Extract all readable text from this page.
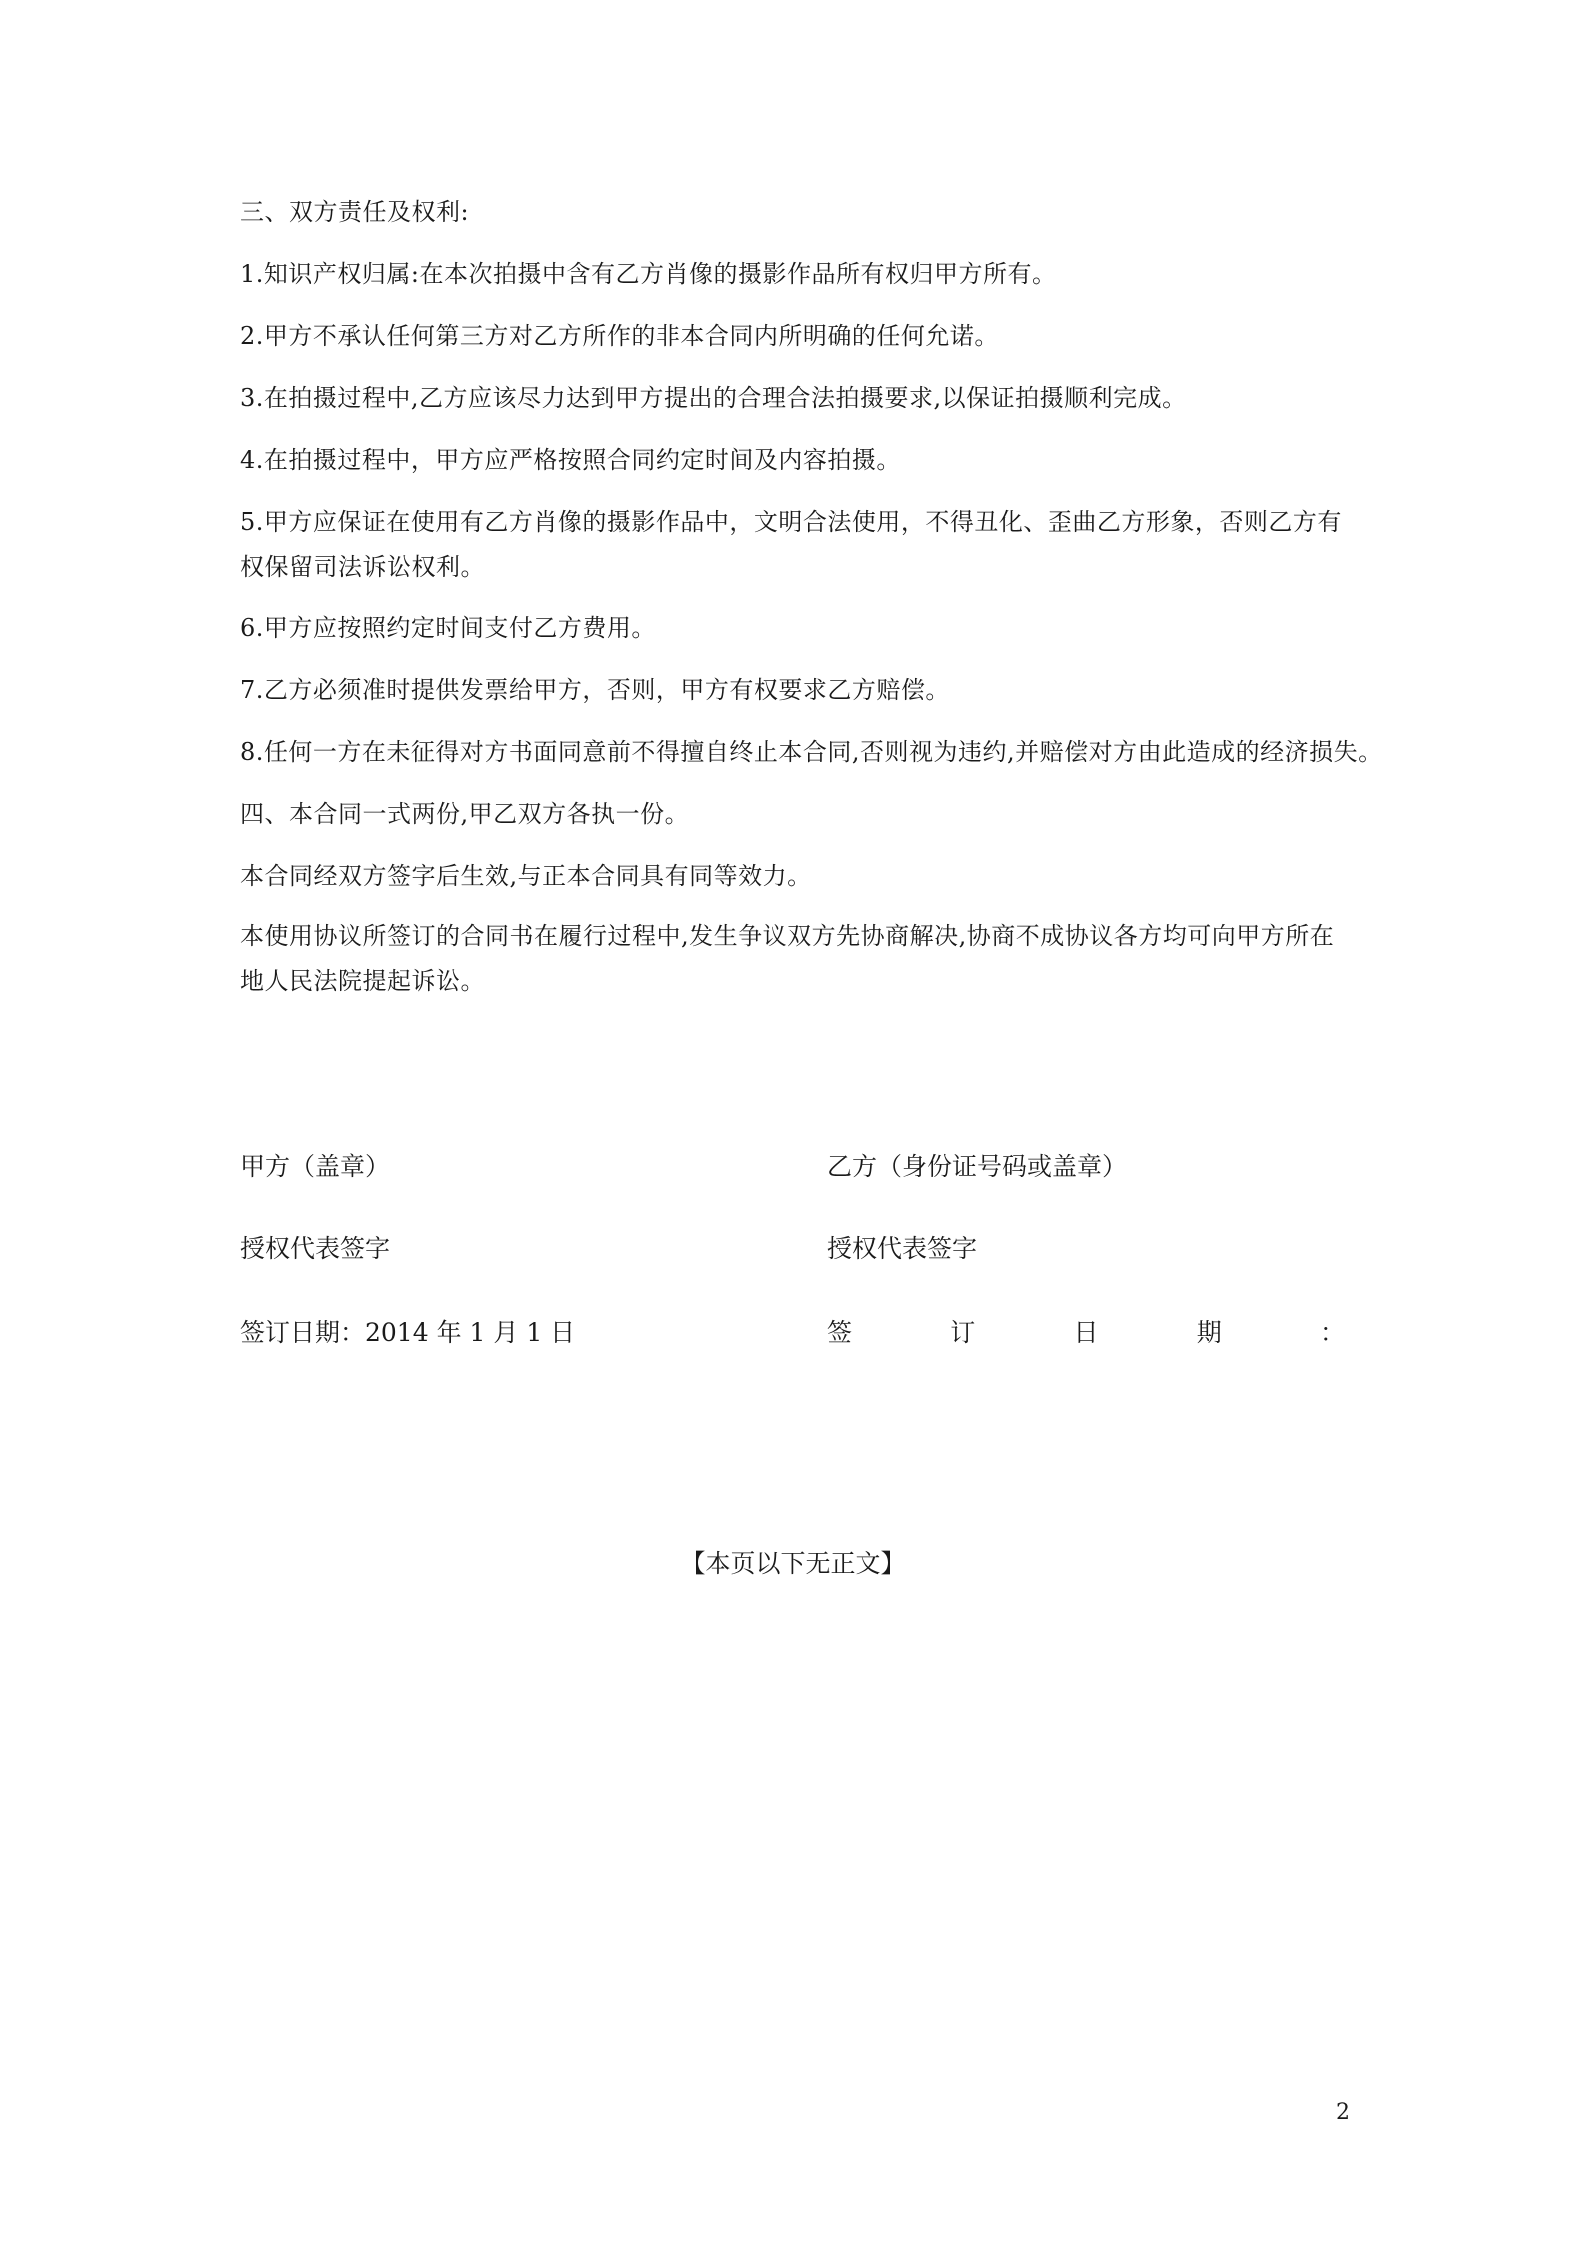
三、双方责任及权利:
1.知识产权归属:在本次拍摄中含有乙方肖像的摄影作品所有权归甲方所有。
2.甲方不承认任何第三方对乙方所作的非本合同内所明确的任何允诺。
3.在拍摄过程中,乙方应该尽力达到甲方提出的合理合法拍摄要求,以保证拍摄顺利完成。
4.在拍摄过程中，甲方应严格按照合同约定时间及内容拍摄。
5.甲方应保证在使用有乙方肖像的摄影作品中，文明合法使用，不得丑化、歪曲乙方形象，否则乙方有权保留司法诉讼权利。
6.甲方应按照约定时间支付乙方费用。
7.乙方必须准时提供发票给甲方，否则，甲方有权要求乙方赔偿。
8.任何一方在未征得对方书面同意前不得擅自终止本合同,否则视为违约,并赔偿对方由此造成的经济损失。
四、本合同一式两份,甲乙双方各执一份。
本合同经双方签字后生效,与正本合同具有同等效力。
本使用协议所签订的合同书在履行过程中,发生争议双方先协商解决,协商不成协议各方均可向甲方所在地人民法院提起诉讼。
甲方（盖章）	乙方（身份证号码或盖章）
授权代表签字	授权代表签字
签订日期：2014 年 1 月 1 日	签	订	日	期	：
【本页以下无正文】
2
